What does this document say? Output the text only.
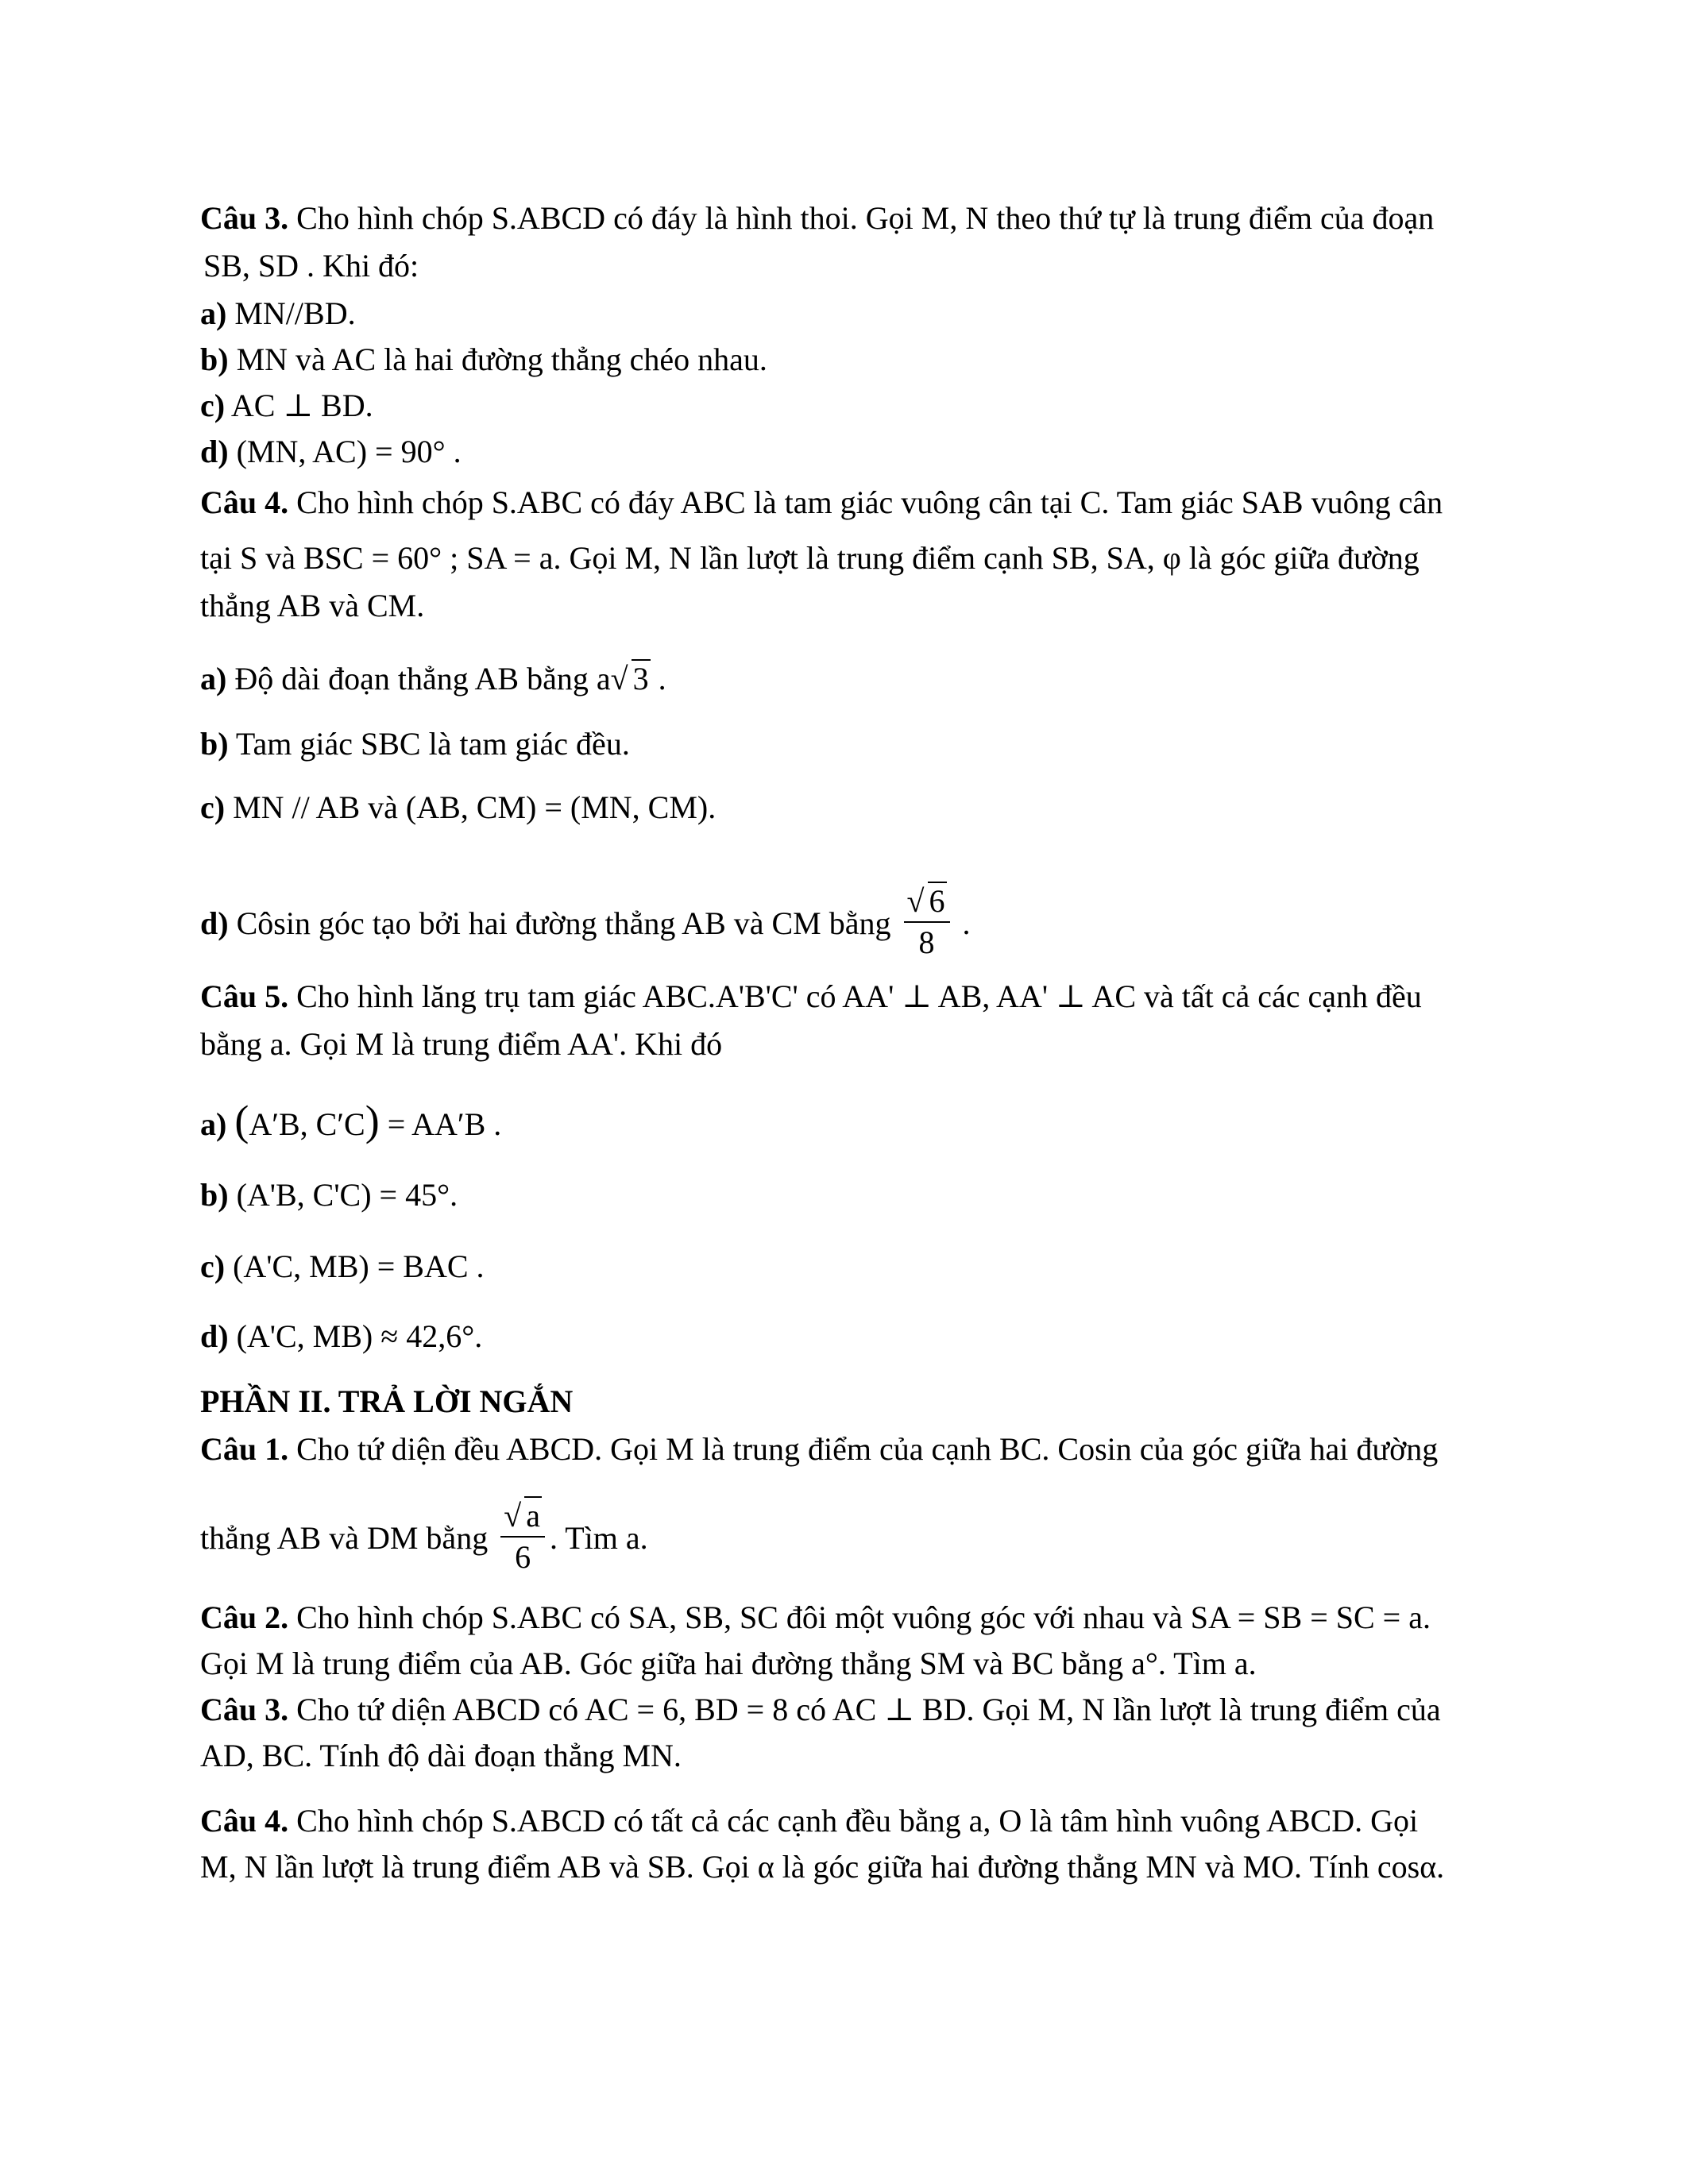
Câu 3. Cho hình chóp S.ABCD có đáy là hình thoi. Gọi M, N theo thứ tự là trung điểm của đoạn
SB, SD . Khi đó:
a) MN//BD.
b) MN và AC là hai đường thẳng chéo nhau.
c) AC ⊥ BD.
d) (MN, AC) = 90° .
Câu 4. Cho hình chóp S.ABC có đáy ABC là tam giác vuông cân tại C. Tam giác SAB vuông cân
tại S và BSC = 60° ; SA = a. Gọi M, N lần lượt là trung điểm cạnh SB, SA, φ là góc giữa đường
thẳng AB và CM.
a) Độ dài đoạn thẳng AB bằng a √ 3 .
b) Tam giác SBC là tam giác đều.
c) MN // AB và (AB, CM) = (MN, CM).
d) Côsin góc tạo bởi hai đường thẳng AB và CM bằng $\frac{√ 6}{8}$ .
Câu 5. Cho hình lăng trụ tam giác ABC.A'B'C' có AA' ⊥ AB, AA' ⊥ AC và tất cả các cạnh đều
bằng a. Gọi M là trung điểm AA'. Khi đó
a) (A′B, C′C) = AA′B .
b) (A'B, C'C) = 45°.
c) (A'C, MB) = BAC .
d) (A'C, MB) ≈ 42,6°.
PHẦN II. TRẢ LỜI NGẮN
Câu 1. Cho tứ diện đều ABCD. Gọi M là trung điểm của cạnh BC. Cosin của góc giữa hai đường
thẳng AB và DM bằng $\frac{√ a}{6}$ . Tìm a.
Câu 2. Cho hình chóp S.ABC có SA, SB, SC đôi một vuông góc với nhau và SA = SB = SC = a.
Gọi M là trung điểm của AB. Góc giữa hai đường thẳng SM và BC bằng a°. Tìm a.
Câu 3. Cho tứ diện ABCD có AC = 6, BD = 8 có AC ⊥ BD. Gọi M, N lần lượt là trung điểm của
AD, BC. Tính độ dài đoạn thẳng MN.
Câu 4. Cho hình chóp S.ABCD có tất cả các cạnh đều bằng a, O là tâm hình vuông ABCD. Gọi
M, N lần lượt là trung điểm AB và SB. Gọi α là góc giữa hai đường thẳng MN và MO. Tính cosα.
